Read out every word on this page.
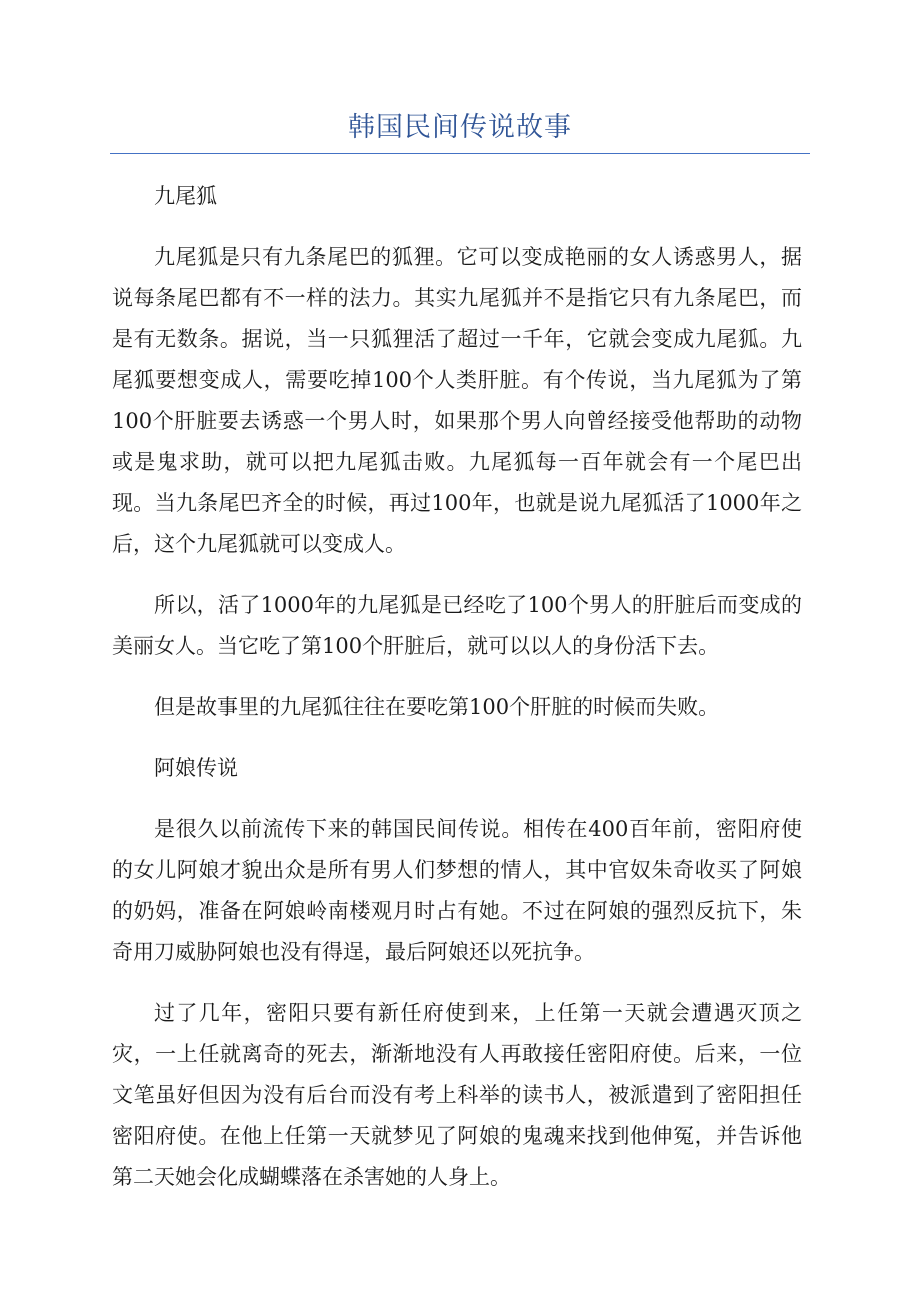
韩国民间传说故事

九尾狐

九尾狐是只有九条尾巴的狐狸。它可以变成艳丽的女人诱惑男人，据说每条尾巴都有不一样的法力。其实九尾狐并不是指它只有九条尾巴，而是有无数条。据说，当一只狐狸活了超过一千年，它就会变成九尾狐。九尾狐要想变成人，需要吃掉100个人类肝脏。有个传说，当九尾狐为了第100个肝脏要去诱惑一个男人时，如果那个男人向曾经接受他帮助的动物或是鬼求助，就可以把九尾狐击败。九尾狐每一百年就会有一个尾巴出现。当九条尾巴齐全的时候，再过100年，也就是说九尾狐活了1000年之后，这个九尾狐就可以变成人。

所以，活了1000年的九尾狐是已经吃了100个男人的肝脏后而变成的美丽女人。当它吃了第100个肝脏后，就可以以人的身份活下去。

但是故事里的九尾狐往往在要吃第100个肝脏的时候而失败。

阿娘传说

是很久以前流传下来的韩国民间传说。相传在400百年前，密阳府使的女儿阿娘才貌出众是所有男人们梦想的情人，其中官奴朱奇收买了阿娘的奶妈，准备在阿娘岭南楼观月时占有她。不过在阿娘的强烈反抗下，朱奇用刀威胁阿娘也没有得逞，最后阿娘还以死抗争。

过了几年，密阳只要有新任府使到来，上任第一天就会遭遇灭顶之灾，一上任就离奇的死去，渐渐地没有人再敢接任密阳府使。后来，一位文笔虽好但因为没有后台而没有考上科举的读书人，被派遣到了密阳担任密阳府使。在他上任第一天就梦见了阿娘的鬼魂来找到他伸冤，并告诉他第二天她会化成蝴蝶落在杀害她的人身上。
